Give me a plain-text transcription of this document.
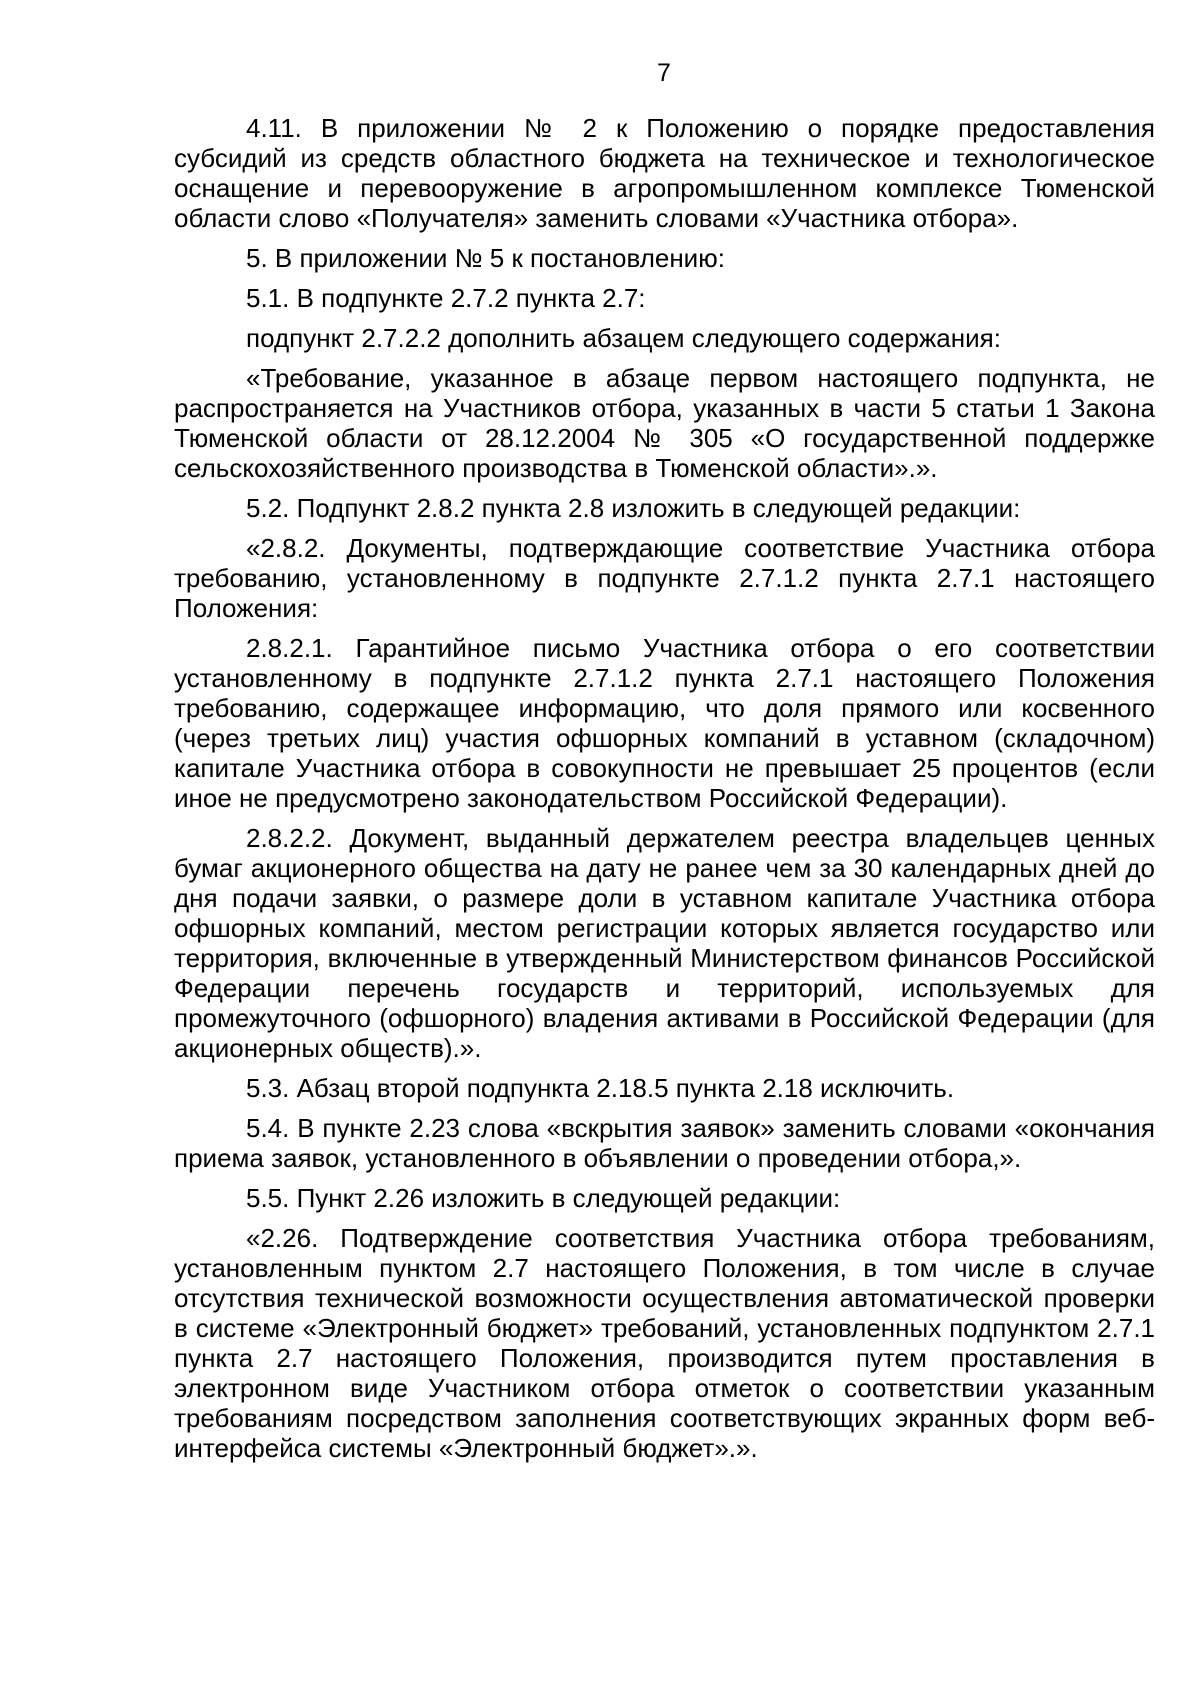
7

4.11. В приложении № 2 к Положению о порядке предоставления субсидий из средств областного бюджета на техническое и технологическое оснащение и перевооружение в агропромышленном комплексе Тюменской области слово «Получателя» заменить словами «Участника отбора».

5. В приложении № 5 к постановлению:

5.1. В подпункте 2.7.2 пункта 2.7:

подпункт 2.7.2.2 дополнить абзацем следующего содержания:

«Требование, указанное в абзаце первом настоящего подпункта, не распространяется на Участников отбора, указанных в части 5 статьи 1 Закона Тюменской области от 28.12.2004 № 305 «О государственной поддержке сельскохозяйственного производства в Тюменской области».».

5.2. Подпункт 2.8.2 пункта 2.8 изложить в следующей редакции:

«2.8.2. Документы, подтверждающие соответствие Участника отбора требованию, установленному в подпункте 2.7.1.2 пункта 2.7.1 настоящего Положения:

2.8.2.1. Гарантийное письмо Участника отбора о его соответствии установленному в подпункте 2.7.1.2 пункта 2.7.1 настоящего Положения требованию, содержащее информацию, что доля прямого или косвенного (через третьих лиц) участия офшорных компаний в уставном (складочном) капитале Участника отбора в совокупности не превышает 25 процентов (если иное не предусмотрено законодательством Российской Федерации).

2.8.2.2. Документ, выданный держателем реестра владельцев ценных бумаг акционерного общества на дату не ранее чем за 30 календарных дней до дня подачи заявки, о размере доли в уставном капитале Участника отбора офшорных компаний, местом регистрации которых является государство или территория, включенные в утвержденный Министерством финансов Российской Федерации перечень государств и территорий, используемых для промежуточного (офшорного) владения активами в Российской Федерации (для акционерных обществ).».

5.3. Абзац второй подпункта 2.18.5 пункта 2.18 исключить.

5.4. В пункте 2.23 слова «вскрытия заявок» заменить словами «окончания приема заявок, установленного в объявлении о проведении отбора,».

5.5. Пункт 2.26 изложить в следующей редакции:

«2.26. Подтверждение соответствия Участника отбора требованиям, установленным пунктом 2.7 настоящего Положения, в том числе в случае отсутствия технической возможности осуществления автоматической проверки в системе «Электронный бюджет» требований, установленных подпунктом 2.7.1 пункта 2.7 настоящего Положения, производится путем проставления в электронном виде Участником отбора отметок о соответствии указанным требованиям посредством заполнения соответствующих экранных форм веб-интерфейса системы «Электронный бюджет».».
